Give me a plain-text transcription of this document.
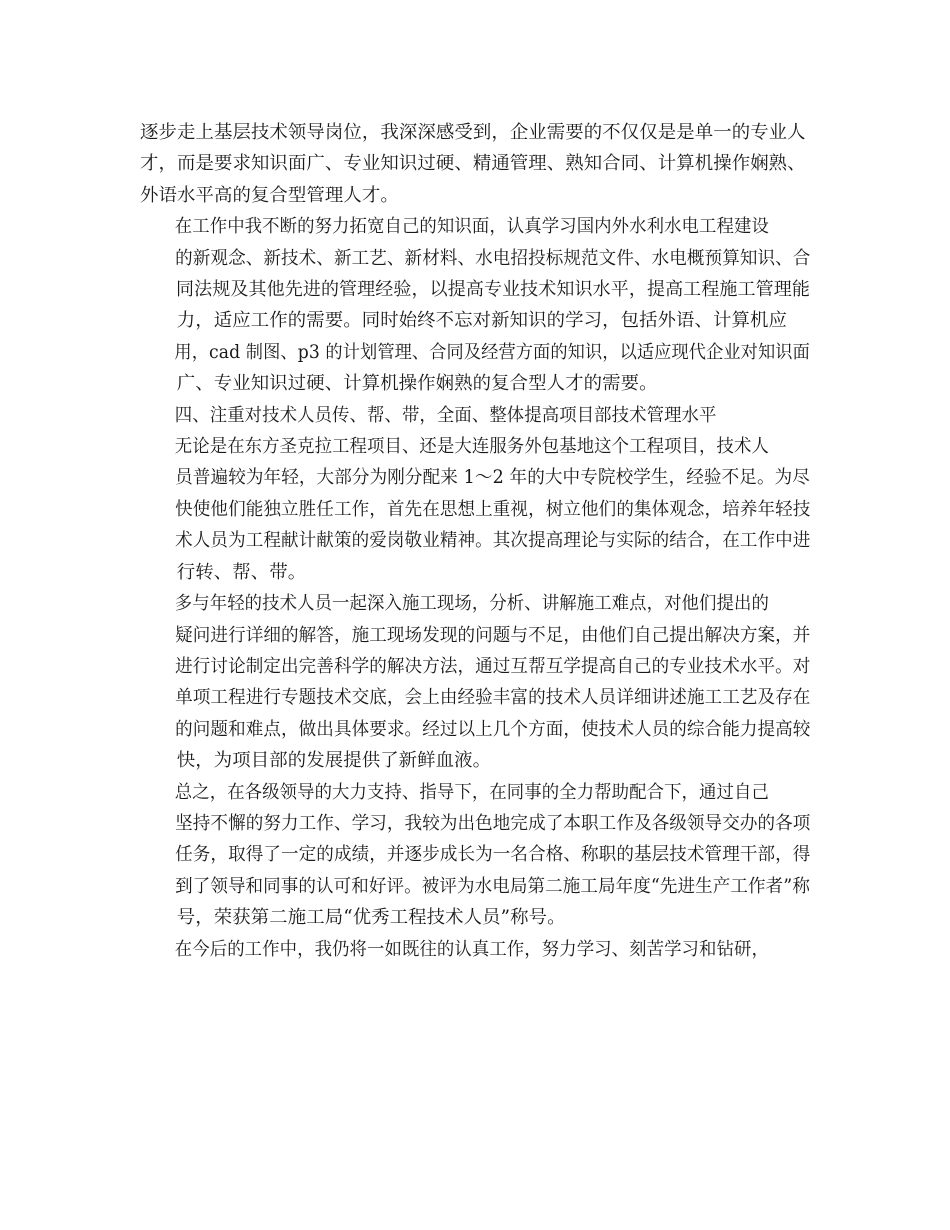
逐步走上基层技术领导岗位，我深深感受到，企业需要的不仅仅是是单一的专业人
才，而是要求知识面广、专业知识过硬、精通管理、熟知合同、计算机操作娴熟、
外语水平高的复合型管理人才。

在工作中我不断的努力拓宽自己的知识面，认真学习国内外水利水电工程建设
的新观念、新技术、新工艺、新材料、水电招投标规范文件、水电概预算知识、合
同法规及其他先进的管理经验，以提高专业技术知识水平，提高工程施工管理能
力，适应工作的需要。同时始终不忘对新知识的学习，包括外语、计算机应
用，cad 制图、p3 的计划管理、合同及经营方面的知识，以适应现代企业对知识面
广、专业知识过硬、计算机操作娴熟的复合型人才的需要。

四、注重对技术人员传、帮、带，全面、整体提高项目部技术管理水平

无论是在东方圣克拉工程项目、还是大连服务外包基地这个工程项目，技术人
员普遍较为年轻，大部分为刚分配来 1～2 年的大中专院校学生，经验不足。为尽
快使他们能独立胜任工作，首先在思想上重视，树立他们的集体观念，培养年轻技
术人员为工程献计献策的爱岗敬业精神。其次提高理论与实际的结合，在工作中进
行转、帮、带。

多与年轻的技术人员一起深入施工现场，分析、讲解施工难点，对他们提出的
疑问进行详细的解答，施工现场发现的问题与不足，由他们自己提出解决方案，并
进行讨论制定出完善科学的解决方法，通过互帮互学提高自己的专业技术水平。对
单项工程进行专题技术交底，会上由经验丰富的技术人员详细讲述施工工艺及存在
的问题和难点，做出具体要求。经过以上几个方面，使技术人员的综合能力提高较
快，为项目部的发展提供了新鲜血液。

总之，在各级领导的大力支持、指导下，在同事的全力帮助配合下，通过自己
坚持不懈的努力工作、学习，我较为出色地完成了本职工作及各级领导交办的各项
任务，取得了一定的成绩，并逐步成长为一名合格、称职的基层技术管理干部，得
到了领导和同事的认可和好评。被评为水电局第二施工局年度“先进生产工作者”称
号，荣获第二施工局“优秀工程技术人员”称号。

在今后的工作中，我仍将一如既往的认真工作，努力学习、刻苦学习和钻研，
